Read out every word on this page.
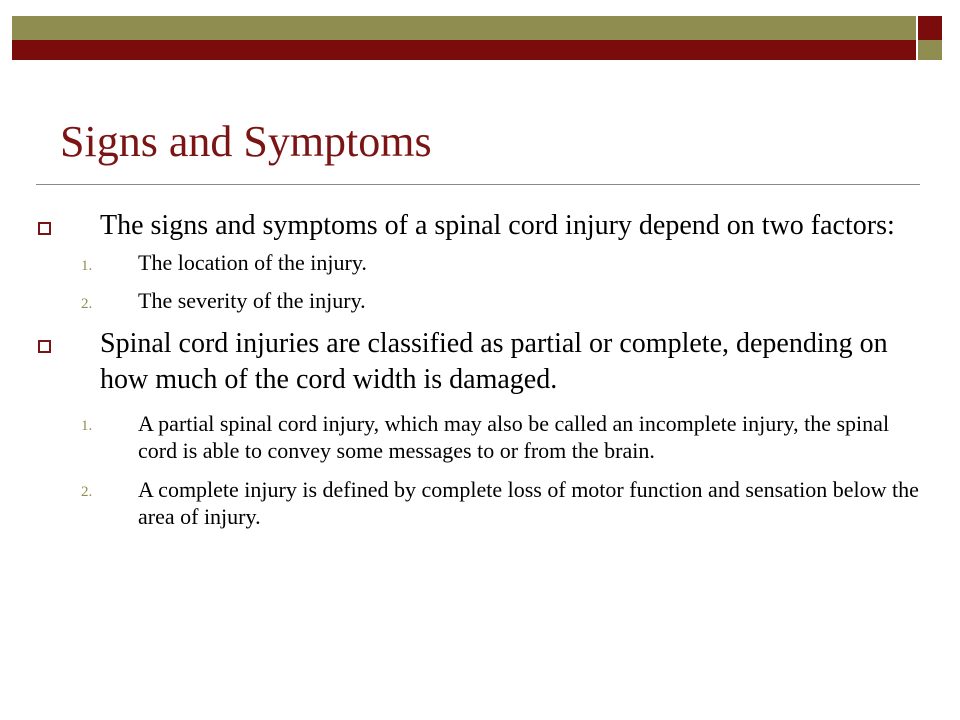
Signs and Symptoms
The signs and symptoms of a spinal cord injury depend on two factors:
1. The location of the injury.
2. The severity of the injury.
Spinal cord injuries are classified as partial or complete, depending on how much of the cord width is damaged.
1. A partial spinal cord injury, which may also be called an incomplete injury, the spinal cord is able to convey some messages to or from the brain.
2. A complete injury is defined by complete loss of motor function and sensation below the area of injury.
